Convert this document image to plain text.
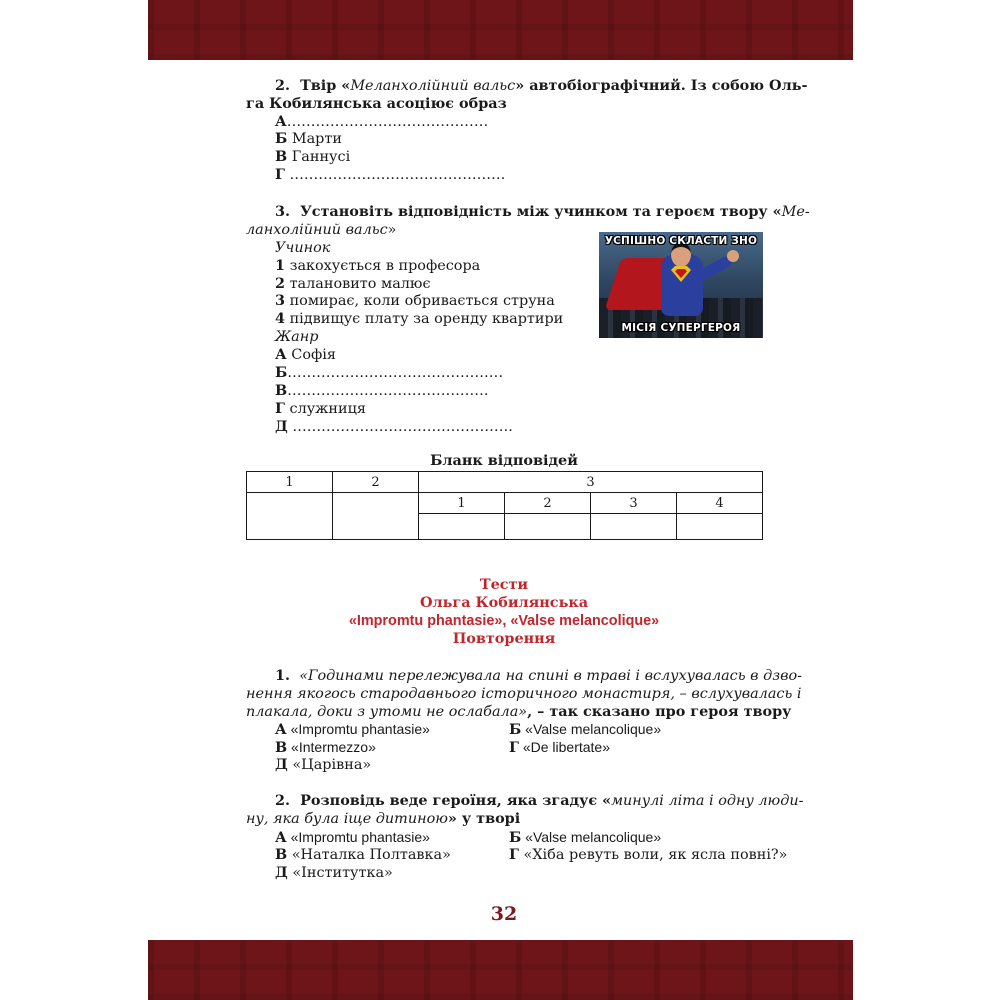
2. Твір «Меланхолійний вальс» автобіографічний. Із собою Оль-
га Кобилянська асоціює образ
А……………………………………
Б Марти
В Ганнусі
Г ………………………………………
3. Установіть відповідність між учинком та героєм твору «Ме-
ланхолійний вальс»
Учинок
1 закохується в професора
2 талановито малює
3 помирає, коли обривається струна
4 підвищує плату за оренду квартири
Жанр
А Софія
Б………………………………………
В……………………………………
Г служниця
Д ……………………………………….
УСПІШНО СКЛАСТИ ЗНО
МІСІЯ СУПЕРГЕРОЯ
Бланк відповідей
1	2	3			
		1	2	3	4

Тести
Ольга Кобилянська
«Impromtu phantasie», «Valse melancolique»
Повторення
1. «Годинами перележувала на спині в траві і вслухувалась в дзво-
нення якогось стародавнього історичного монастиря, – вслухувалась і
плакала, доки з утоми не ослабала», – так сказано про героя твору
А «Impromtu phantasie»	Б «Valse melancolique»
В «Intermezzo»	Г «De libertate»
Д «Царівна»
2. Розповідь веде героїня, яка згадує «минулі літа і одну люди-
ну, яка була іще дитиною» у творі
А «Impromtu phantasie»	Б «Valse melancolique»
В «Наталка Полтавка»	Г «Хіба ревуть воли, як ясла повні?»
Д «Інститутка»
32
